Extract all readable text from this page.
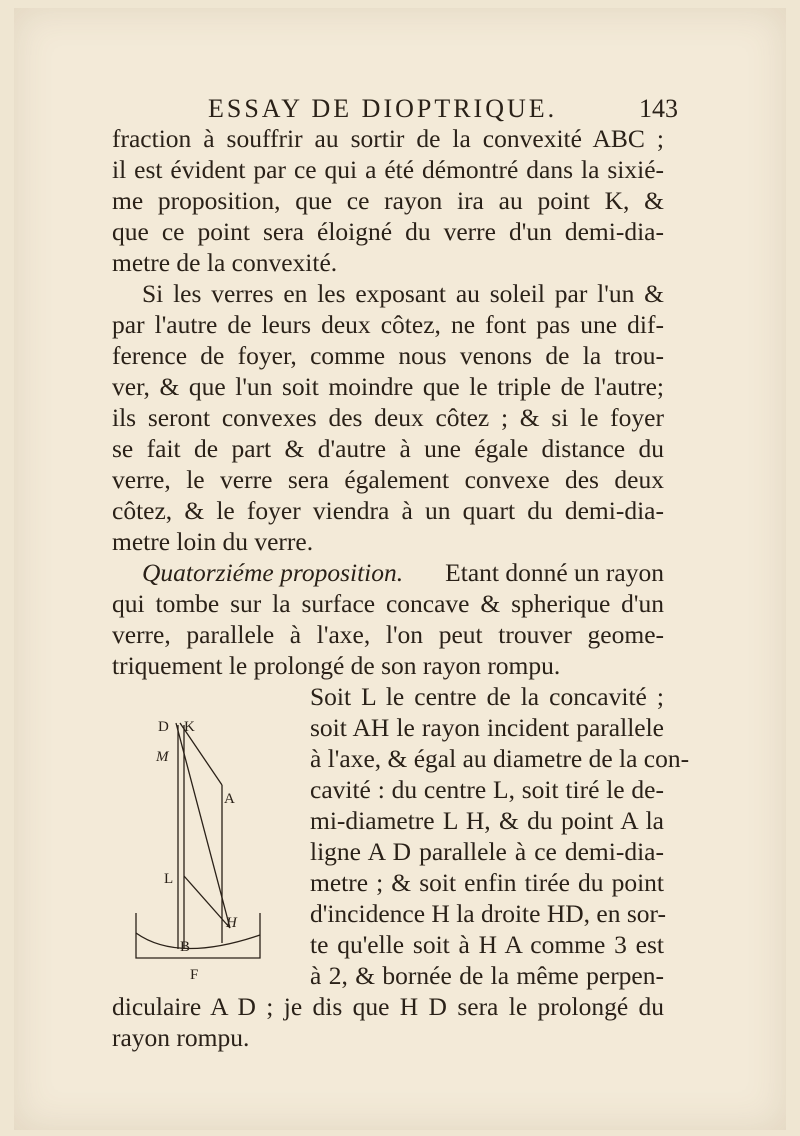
ESSAY DE DIOPTRIQUE.	143
fraction à souffrir au sortir de la convexité ABC ;
il est évident par ce qui a été démontré dans la sixié-
me proposition, que ce rayon ira au point K, &
que ce point sera éloigné du verre d'un demi-dia-
metre de la convexité.
Si les verres en les exposant au soleil par l'un &
par l'autre de leurs deux côtez, ne font pas une dif-
ference de foyer, comme nous venons de la trou-
ver, & que l'un soit moindre que le triple de l'autre;
ils seront convexes des deux côtez ; & si le foyer
se fait de part & d'autre à une égale distance du
verre, le verre sera également convexe des deux
côtez, & le foyer viendra à un quart du demi-dia-
metre loin du verre.
Quatorziéme proposition. Etant donné un rayon
qui tombe sur la surface concave & spherique d'un
verre, parallele à l'axe, l'on peut trouver geome-
triquement le prolongé de son rayon rompu.
Soit L le centre de la concavité ;
soit AH le rayon incident parallele
à l'axe, & égal au diametre de la con-
cavité : du centre L, soit tiré le de-
mi-diametre L H, & du point A la
ligne A D parallele à ce demi-dia-
metre ; & soit enfin tirée du point
d'incidence H la droite HD, en sor-
te qu'elle soit à H A comme 3 est
à 2, & bornée de la même perpen-
diculaire A D ; je dis que H D sera le prolongé du
rayon rompu.
D K
M
A
L
H
B
F
